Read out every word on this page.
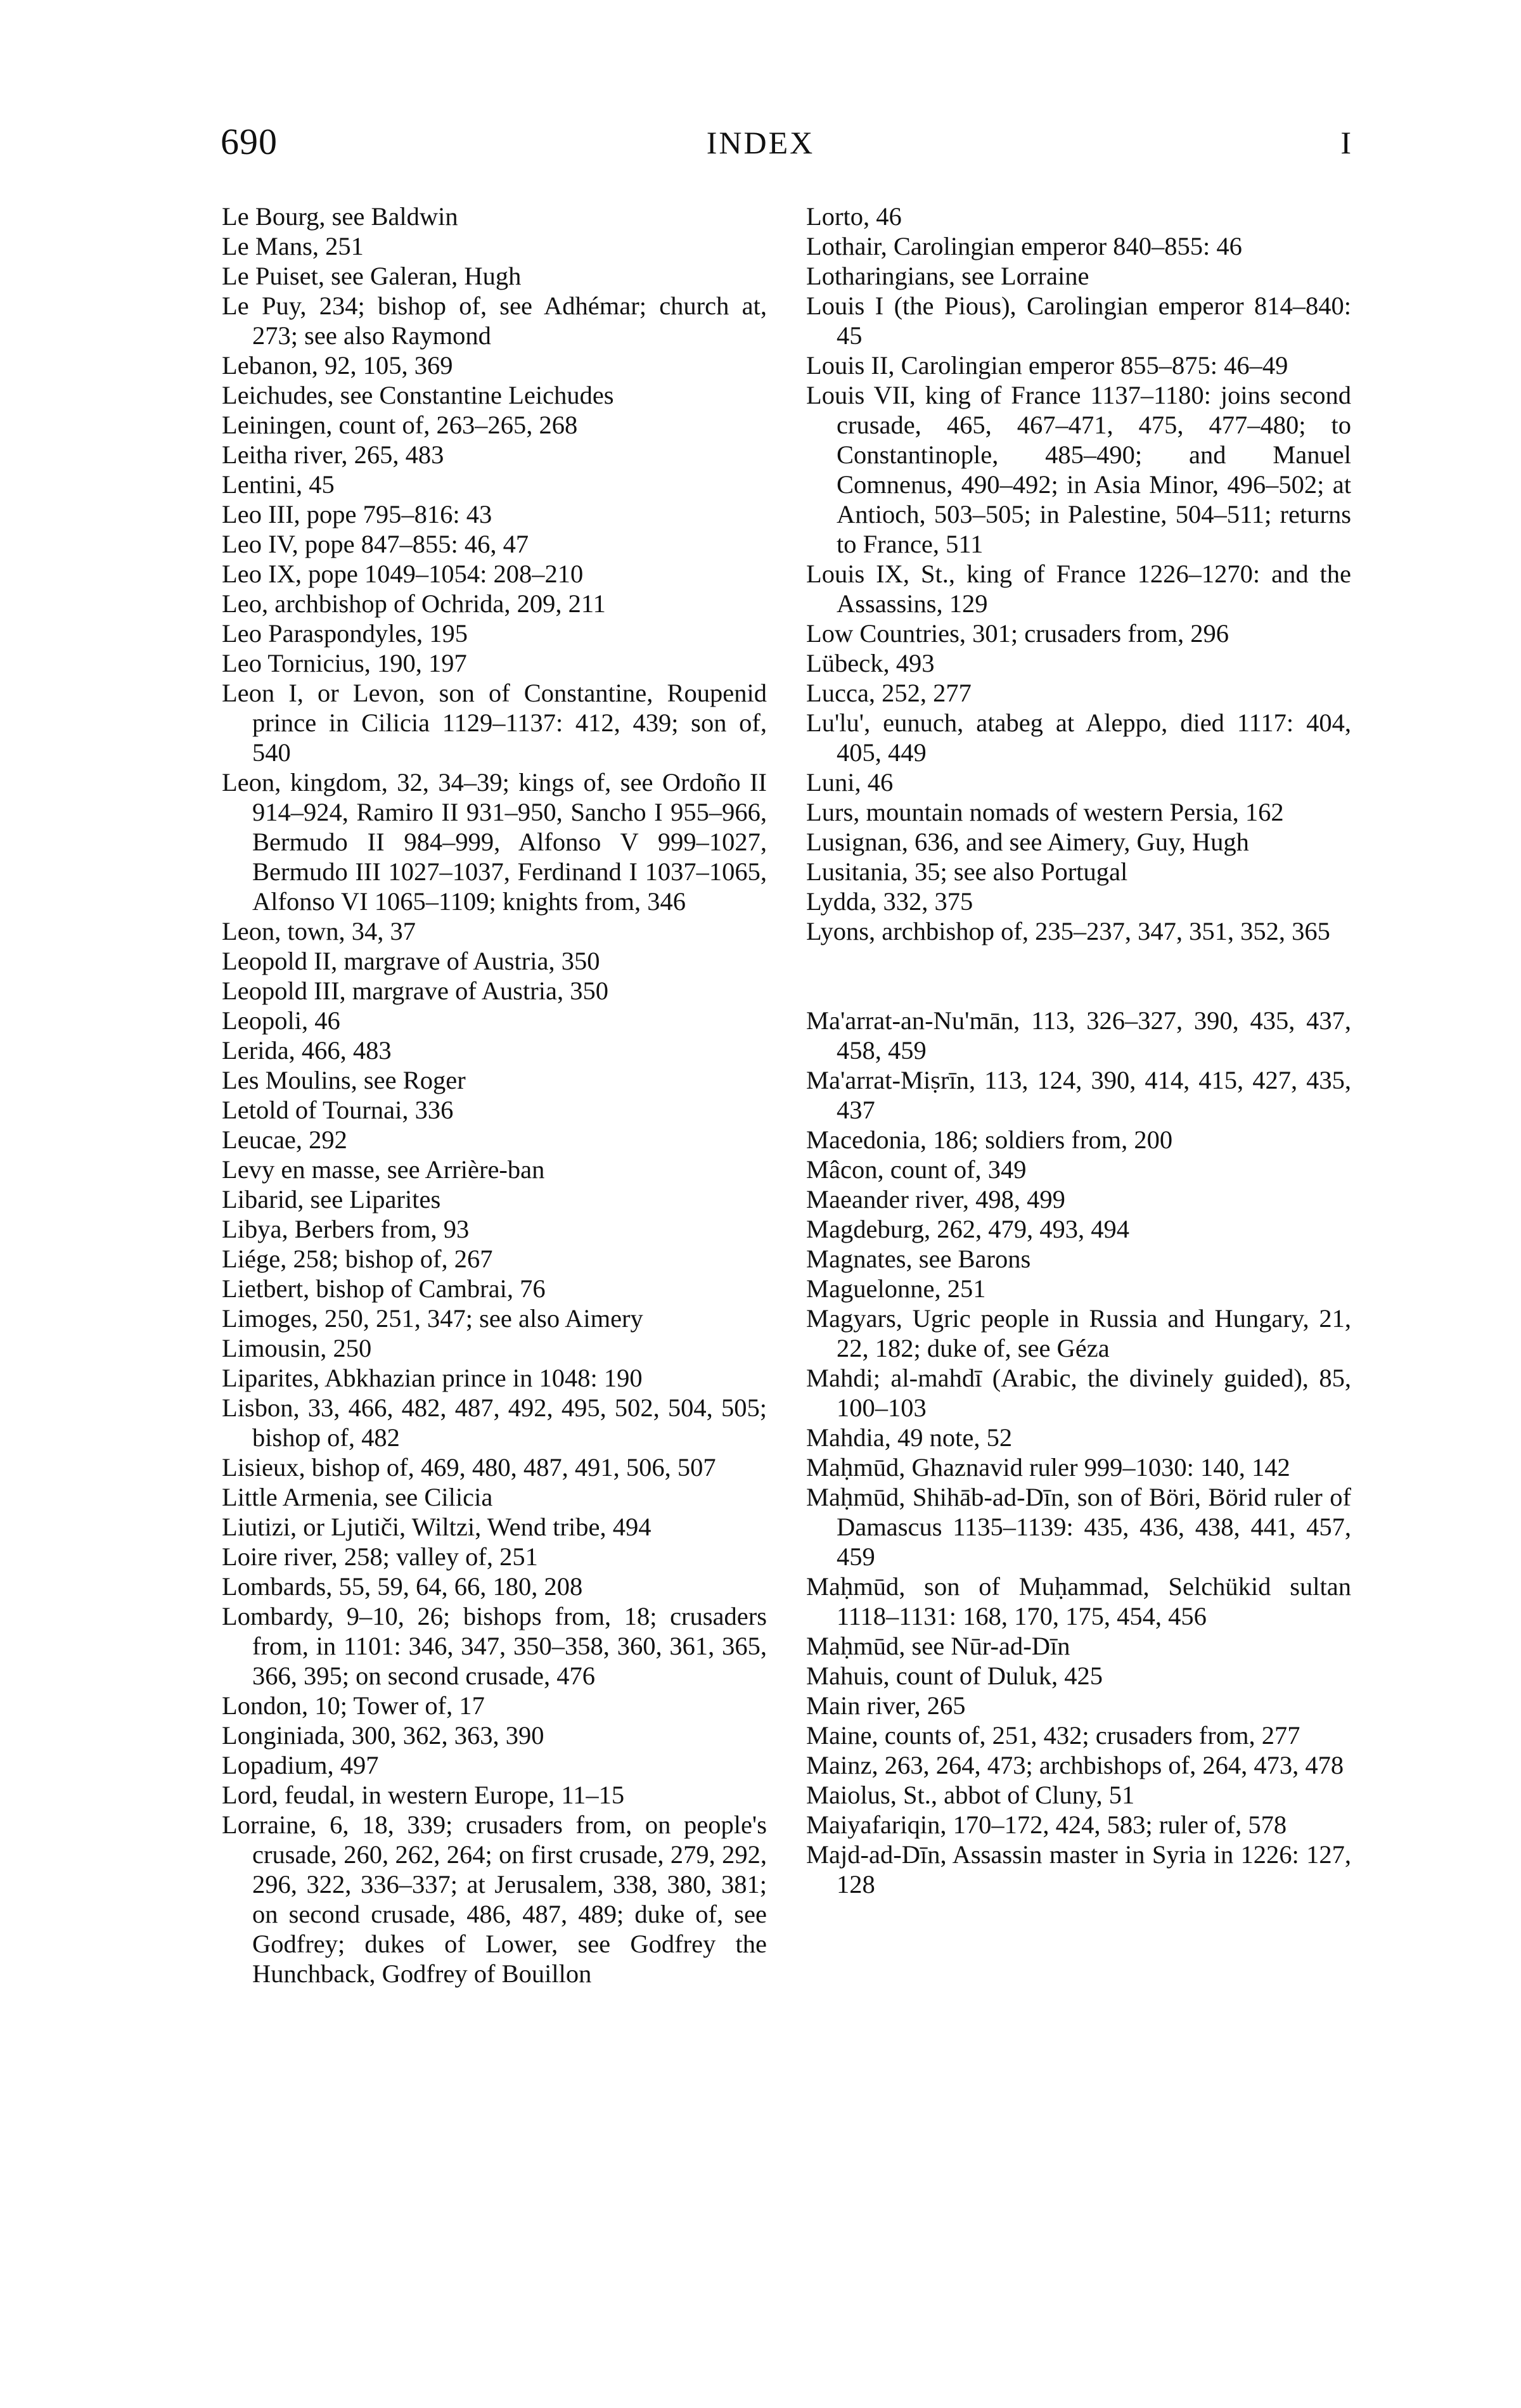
690	INDEX	I
Le Bourg, see Baldwin
Le Mans, 251
Le Puiset, see Galeran, Hugh
Le Puy, 234; bishop of, see Adhémar; church at, 273; see also Raymond
Lebanon, 92, 105, 369
Leichudes, see Constantine Leichudes
Leiningen, count of, 263–265, 268
Leitha river, 265, 483
Lentini, 45
Leo III, pope 795–816: 43
Leo IV, pope 847–855: 46, 47
Leo IX, pope 1049–1054: 208–210
Leo, archbishop of Ochrida, 209, 211
Leo Paraspondyles, 195
Leo Tornicius, 190, 197
Leon I, or Levon, son of Constantine, Roupenid prince in Cilicia 1129–1137: 412, 439; son of, 540
Leon, kingdom, 32, 34–39; kings of, see Ordoño II 914–924, Ramiro II 931–950, Sancho I 955–966, Bermudo II 984–999, Alfonso V 999–1027, Bermudo III 1027–1037, Ferdinand I 1037–1065, Alfonso VI 1065–1109; knights from, 346
Leon, town, 34, 37
Leopold II, margrave of Austria, 350
Leopold III, margrave of Austria, 350
Leopoli, 46
Lerida, 466, 483
Les Moulins, see Roger
Letold of Tournai, 336
Leucae, 292
Levy en masse, see Arrière-ban
Libarid, see Liparites
Libya, Berbers from, 93
Liége, 258; bishop of, 267
Lietbert, bishop of Cambrai, 76
Limoges, 250, 251, 347; see also Aimery
Limousin, 250
Liparites, Abkhazian prince in 1048: 190
Lisbon, 33, 466, 482, 487, 492, 495, 502, 504, 505; bishop of, 482
Lisieux, bishop of, 469, 480, 487, 491, 506, 507
Little Armenia, see Cilicia
Liutizi, or Ljutiči, Wiltzi, Wend tribe, 494
Loire river, 258; valley of, 251
Lombards, 55, 59, 64, 66, 180, 208
Lombardy, 9–10, 26; bishops from, 18; crusaders from, in 1101: 346, 347, 350–358, 360, 361, 365, 366, 395; on second crusade, 476
London, 10; Tower of, 17
Longiniada, 300, 362, 363, 390
Lopadium, 497
Lord, feudal, in western Europe, 11–15
Lorraine, 6, 18, 339; crusaders from, on people's crusade, 260, 262, 264; on first crusade, 279, 292, 296, 322, 336–337; at Jerusalem, 338, 380, 381; on second crusade, 486, 487, 489; duke of, see Godfrey; dukes of Lower, see Godfrey the Hunchback, Godfrey of Bouillon
Lorto, 46
Lothair, Carolingian emperor 840–855: 46
Lotharingians, see Lorraine
Louis I (the Pious), Carolingian emperor 814–840: 45
Louis II, Carolingian emperor 855–875: 46–49
Louis VII, king of France 1137–1180: joins second crusade, 465, 467–471, 475, 477–480; to Constantinople, 485–490; and Manuel Comnenus, 490–492; in Asia Minor, 496–502; at Antioch, 503–505; in Palestine, 504–511; returns to France, 511
Louis IX, St., king of France 1226–1270: and the Assassins, 129
Low Countries, 301; crusaders from, 296
Lübeck, 493
Lucca, 252, 277
Lu'lu', eunuch, atabeg at Aleppo, died 1117: 404, 405, 449
Luni, 46
Lurs, mountain nomads of western Persia, 162
Lusignan, 636, and see Aimery, Guy, Hugh
Lusitania, 35; see also Portugal
Lydda, 332, 375
Lyons, archbishop of, 235–237, 347, 351, 352, 365
Ma'arrat-an-Nu'mān, 113, 326–327, 390, 435, 437, 458, 459
Ma'arrat-Miṣrīn, 113, 124, 390, 414, 415, 427, 435, 437
Macedonia, 186; soldiers from, 200
Mâcon, count of, 349
Maeander river, 498, 499
Magdeburg, 262, 479, 493, 494
Magnates, see Barons
Maguelonne, 251
Magyars, Ugric people in Russia and Hungary, 21, 22, 182; duke of, see Géza
Mahdi; al-mahdī (Arabic, the divinely guided), 85, 100–103
Mahdia, 49 note, 52
Maḥmūd, Ghaznavid ruler 999–1030: 140, 142
Maḥmūd, Shihāb-ad-Dīn, son of Böri, Börid ruler of Damascus 1135–1139: 435, 436, 438, 441, 457, 459
Maḥmūd, son of Muḥammad, Selchükid sultan 1118–1131: 168, 170, 175, 454, 456
Maḥmūd, see Nūr-ad-Dīn
Mahuis, count of Duluk, 425
Main river, 265
Maine, counts of, 251, 432; crusaders from, 277
Mainz, 263, 264, 473; archbishops of, 264, 473, 478
Maiolus, St., abbot of Cluny, 51
Maiyafariqin, 170–172, 424, 583; ruler of, 578
Majd-ad-Dīn, Assassin master in Syria in 1226: 127, 128
